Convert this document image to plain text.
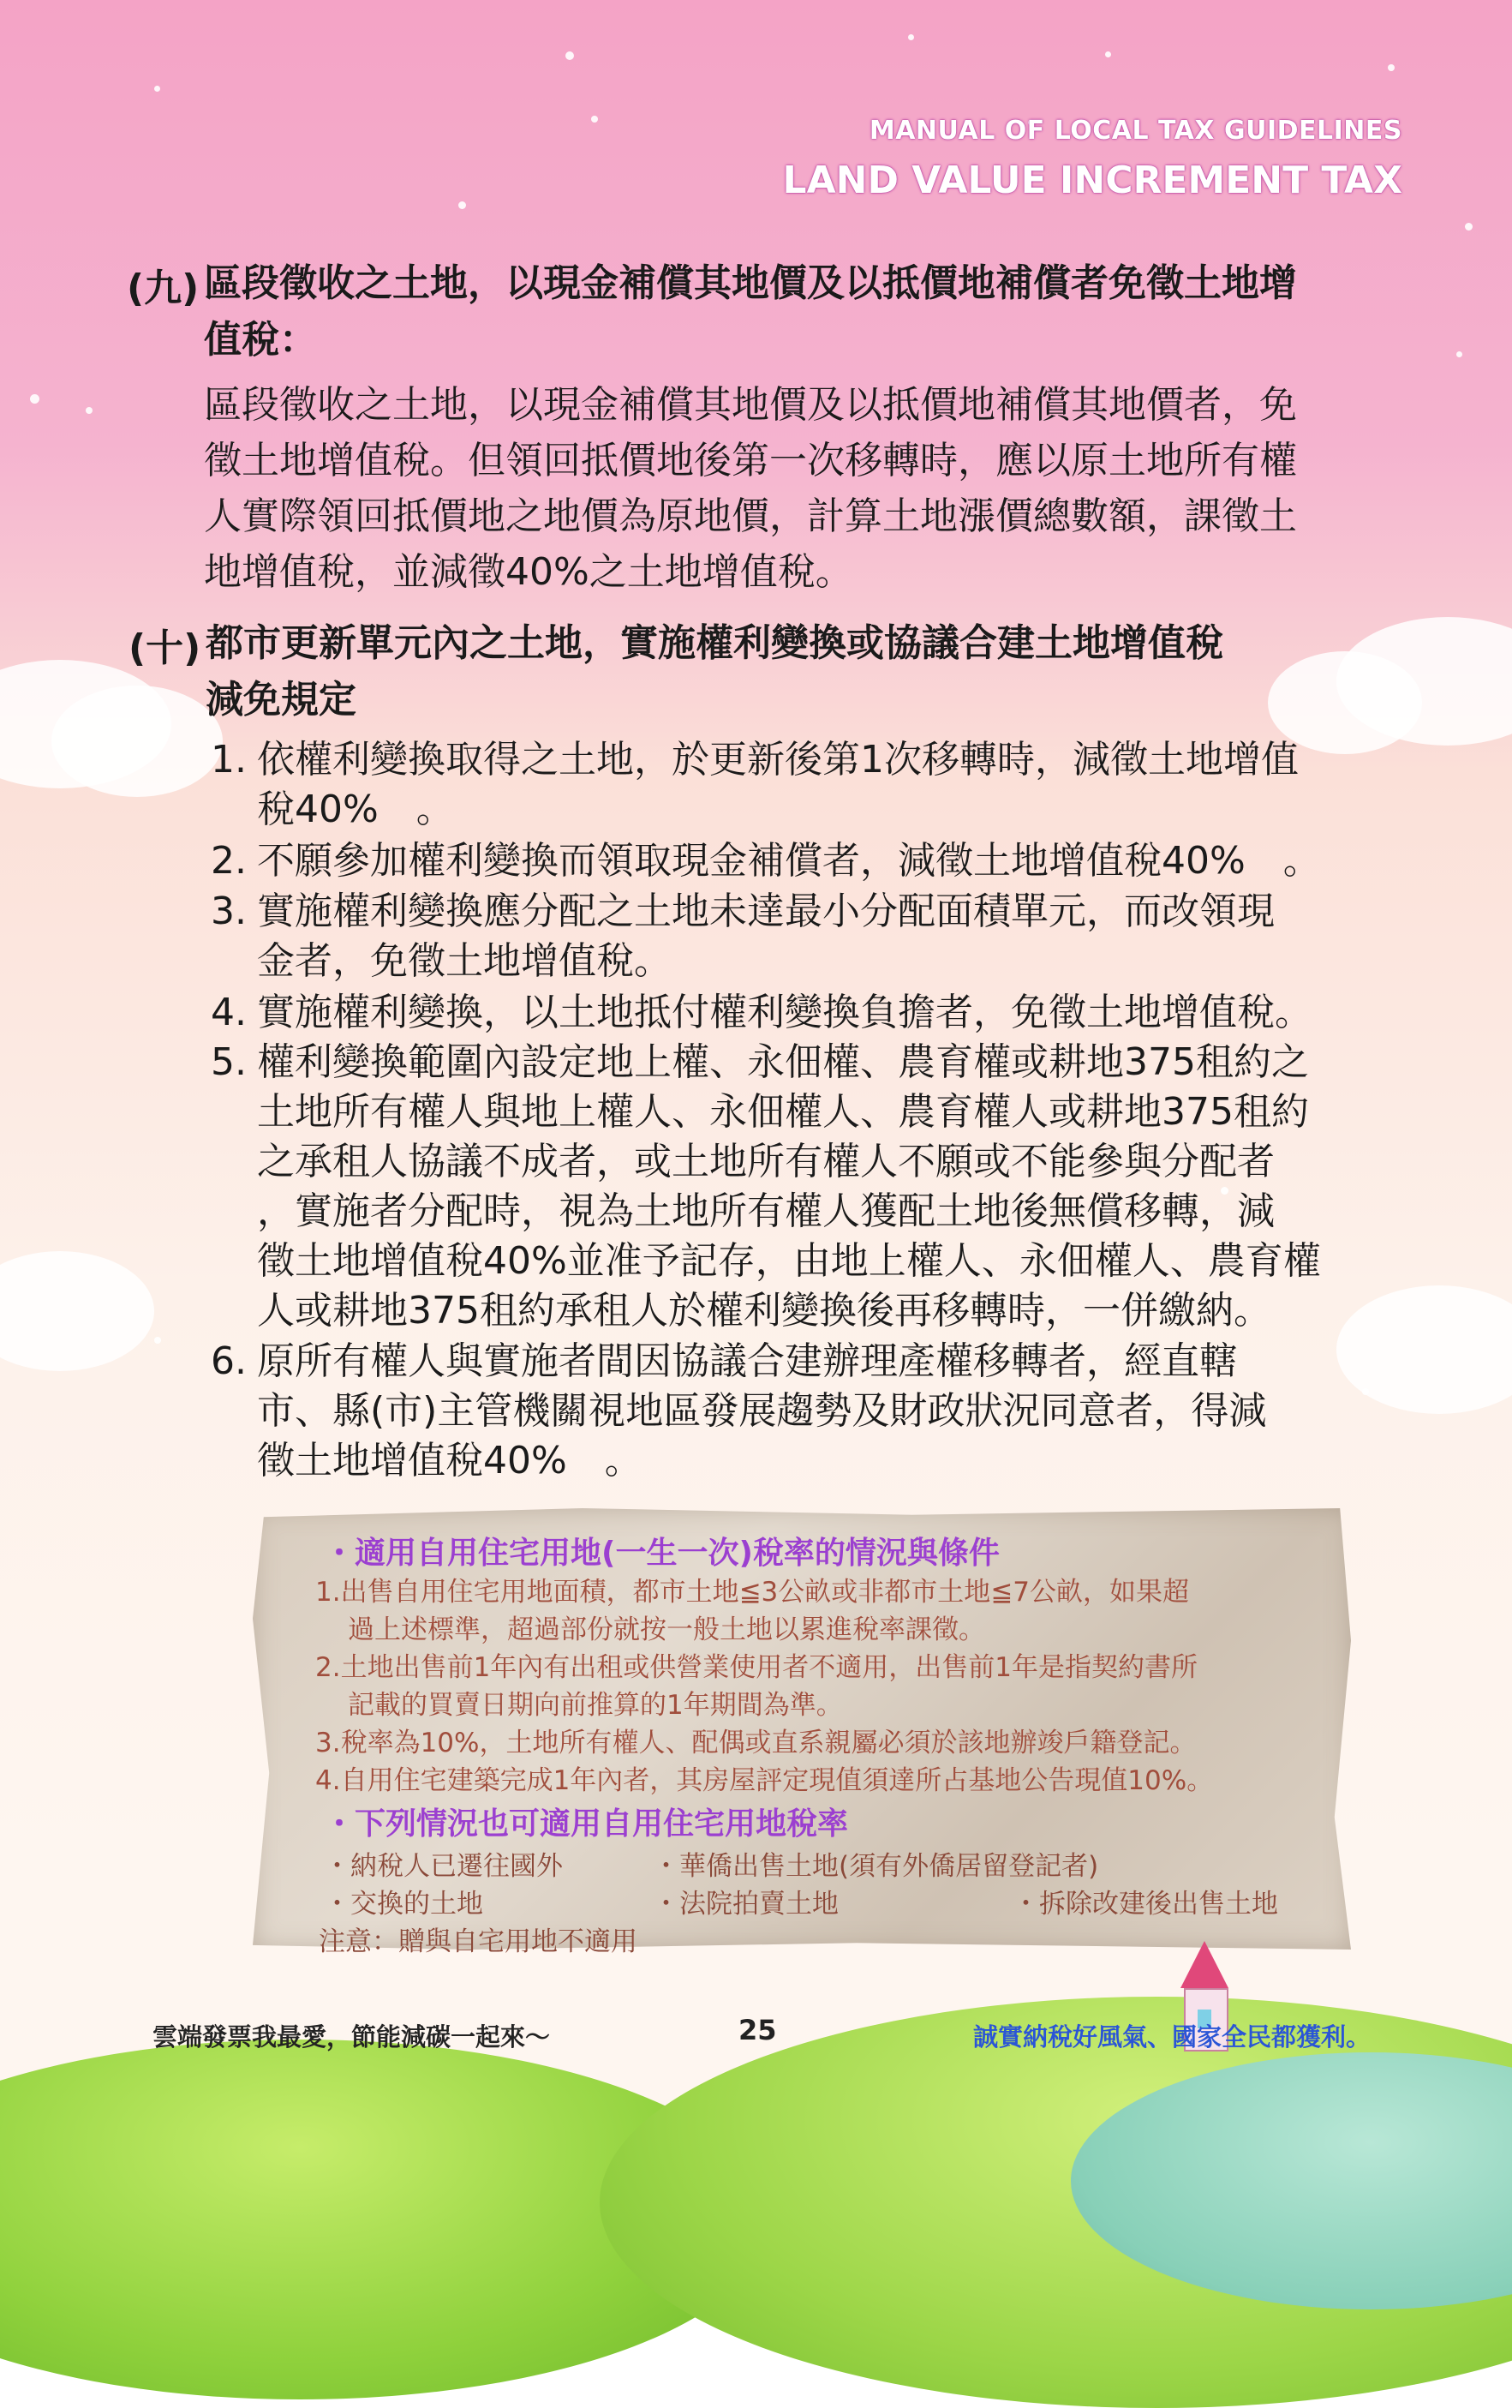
MANUAL OF LOCAL TAX GUIDELINES
LAND VALUE INCREMENT TAX
(九) 區段徵收之土地，以現金補償其地價及以抵價地補償者免徵土地增
值稅：
區段徵收之土地，以現金補償其地價及以抵價地補償其地價者，免
徵土地增值稅。但領回抵價地後第一次移轉時，應以原土地所有權
人實際領回抵價地之地價為原地價，計算土地漲價總數額，課徵土
地增值稅，並減徵40%之土地增值稅。
(十) 都市更新單元內之土地，實施權利變換或協議合建土地增值稅
減免規定
1. 依權利變換取得之土地，於更新後第1次移轉時，減徵土地增值
稅40%　。
2. 不願參加權利變換而領取現金補償者，減徵土地增值稅40%　。
3. 實施權利變換應分配之土地未達最小分配面積單元，而改領現
金者，免徵土地增值稅。
4. 實施權利變換，以土地抵付權利變換負擔者，免徵土地增值稅。
5. 權利變換範圍內設定地上權、永佃權、農育權或耕地375租約之
土地所有權人與地上權人、永佃權人、農育權人或耕地375租約
之承租人協議不成者，或土地所有權人不願或不能參與分配者
，實施者分配時，視為土地所有權人獲配土地後無償移轉，減
徵土地增值稅40%並准予記存，由地上權人、永佃權人、農育權
人或耕地375租約承租人於權利變換後再移轉時，一併繳納。
6. 原所有權人與實施者間因協議合建辦理產權移轉者，經直轄
市、縣(市)主管機關視地區發展趨勢及財政狀況同意者，得減
徵土地增值稅40%　。
・適用自用住宅用地(一生一次)稅率的情況與條件
1.出售自用住宅用地面積，都市土地≦3公畝或非都市土地≦7公畝，如果超
過上述標準，超過部份就按一般土地以累進稅率課徵。
2.土地出售前1年內有出租或供營業使用者不適用，出售前1年是指契約書所
記載的買賣日期向前推算的1年期間為準。
3.稅率為10%，土地所有權人、配偶或直系親屬必須於該地辦竣戶籍登記。
4.自用住宅建築完成1年內者，其房屋評定現值須達所占基地公告現值10%。
・下列情況也可適用自用住宅用地稅率
・納稅人已遷往國外	・華僑出售土地(須有外僑居留登記者)
・交換的土地	・法院拍賣土地	・拆除改建後出售土地
注意：贈與自宅用地不適用
雲端發票我最愛，節能減碳一起來～	25	誠實納稅好風氣、國家全民都獲利。
